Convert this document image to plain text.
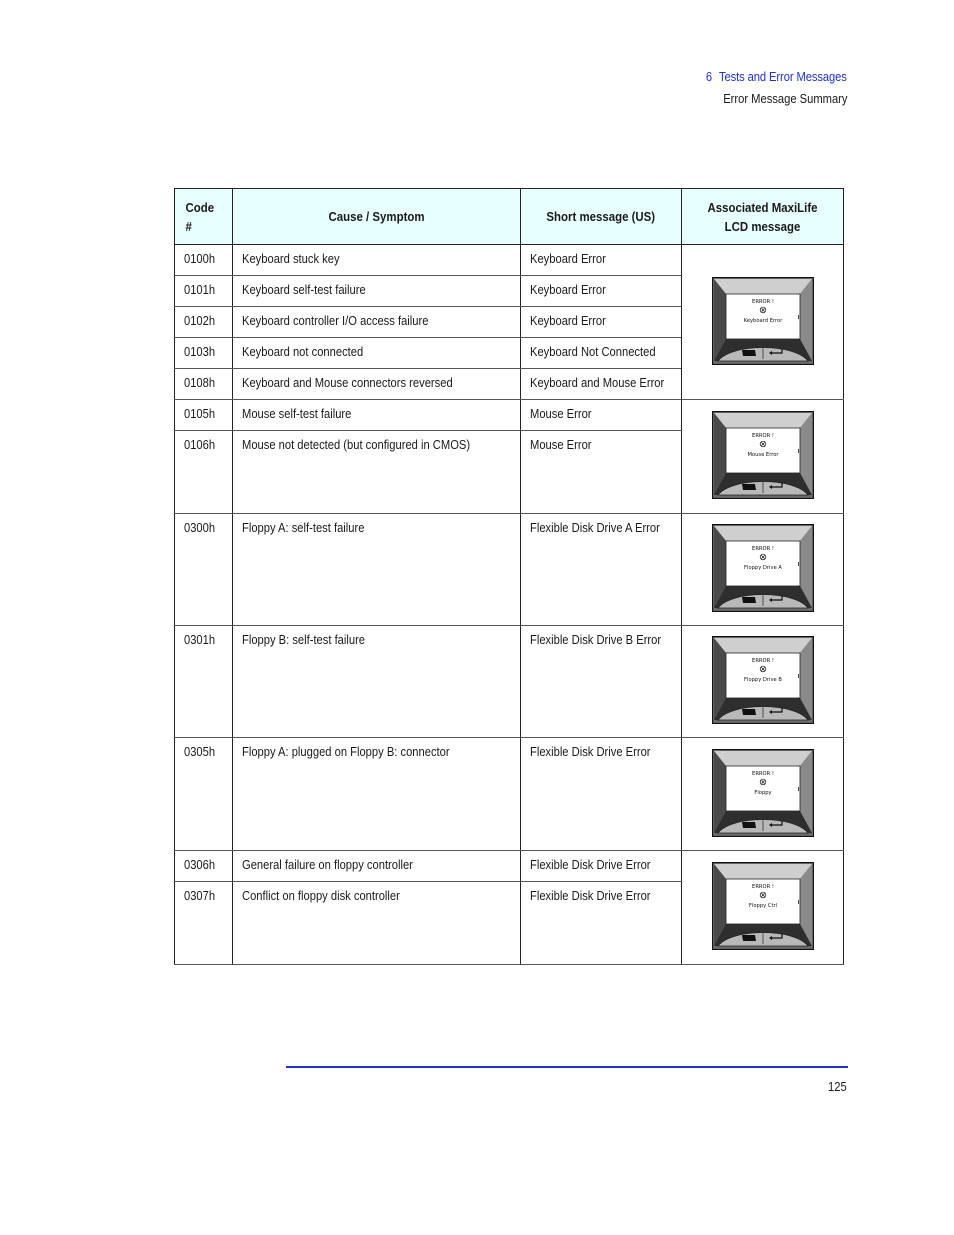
6 Tests and Error Messages
Error Message Summary
Code #	Cause / Symptom	Short message (US)	Associated MaxiLife
LCD message
0100h	Keyboard stuck key	Keyboard Error	ERROR !
Keyboard Error

0101h	Keyboard self-test failure	Keyboard Error	
0102h	Keyboard controller I/O access failure	Keyboard Error	
0103h	Keyboard not connected	Keyboard Not Connected	
0108h	Keyboard and Mouse connectors reversed	Keyboard and Mouse Error	
0105h	Mouse self-test failure	Mouse Error	ERROR !
Mouse Error

0106h	Mouse not detected (but configured in CMOS)	Mouse Error	
0300h	Floppy A: self-test failure	Flexible Disk Drive A Error	ERROR !
Floppy Drive A

0301h	Floppy B: self-test failure	Flexible Disk Drive B Error	ERROR !
Floppy Drive B

0305h	Floppy A: plugged on Floppy B: connector	Flexible Disk Drive Error	ERROR !
Floppy

0306h	General failure on floppy controller	Flexible Disk Drive Error	ERROR !
Floppy Ctrl

0307h	Conflict on floppy disk controller	Flexible Disk Drive Error	
125
